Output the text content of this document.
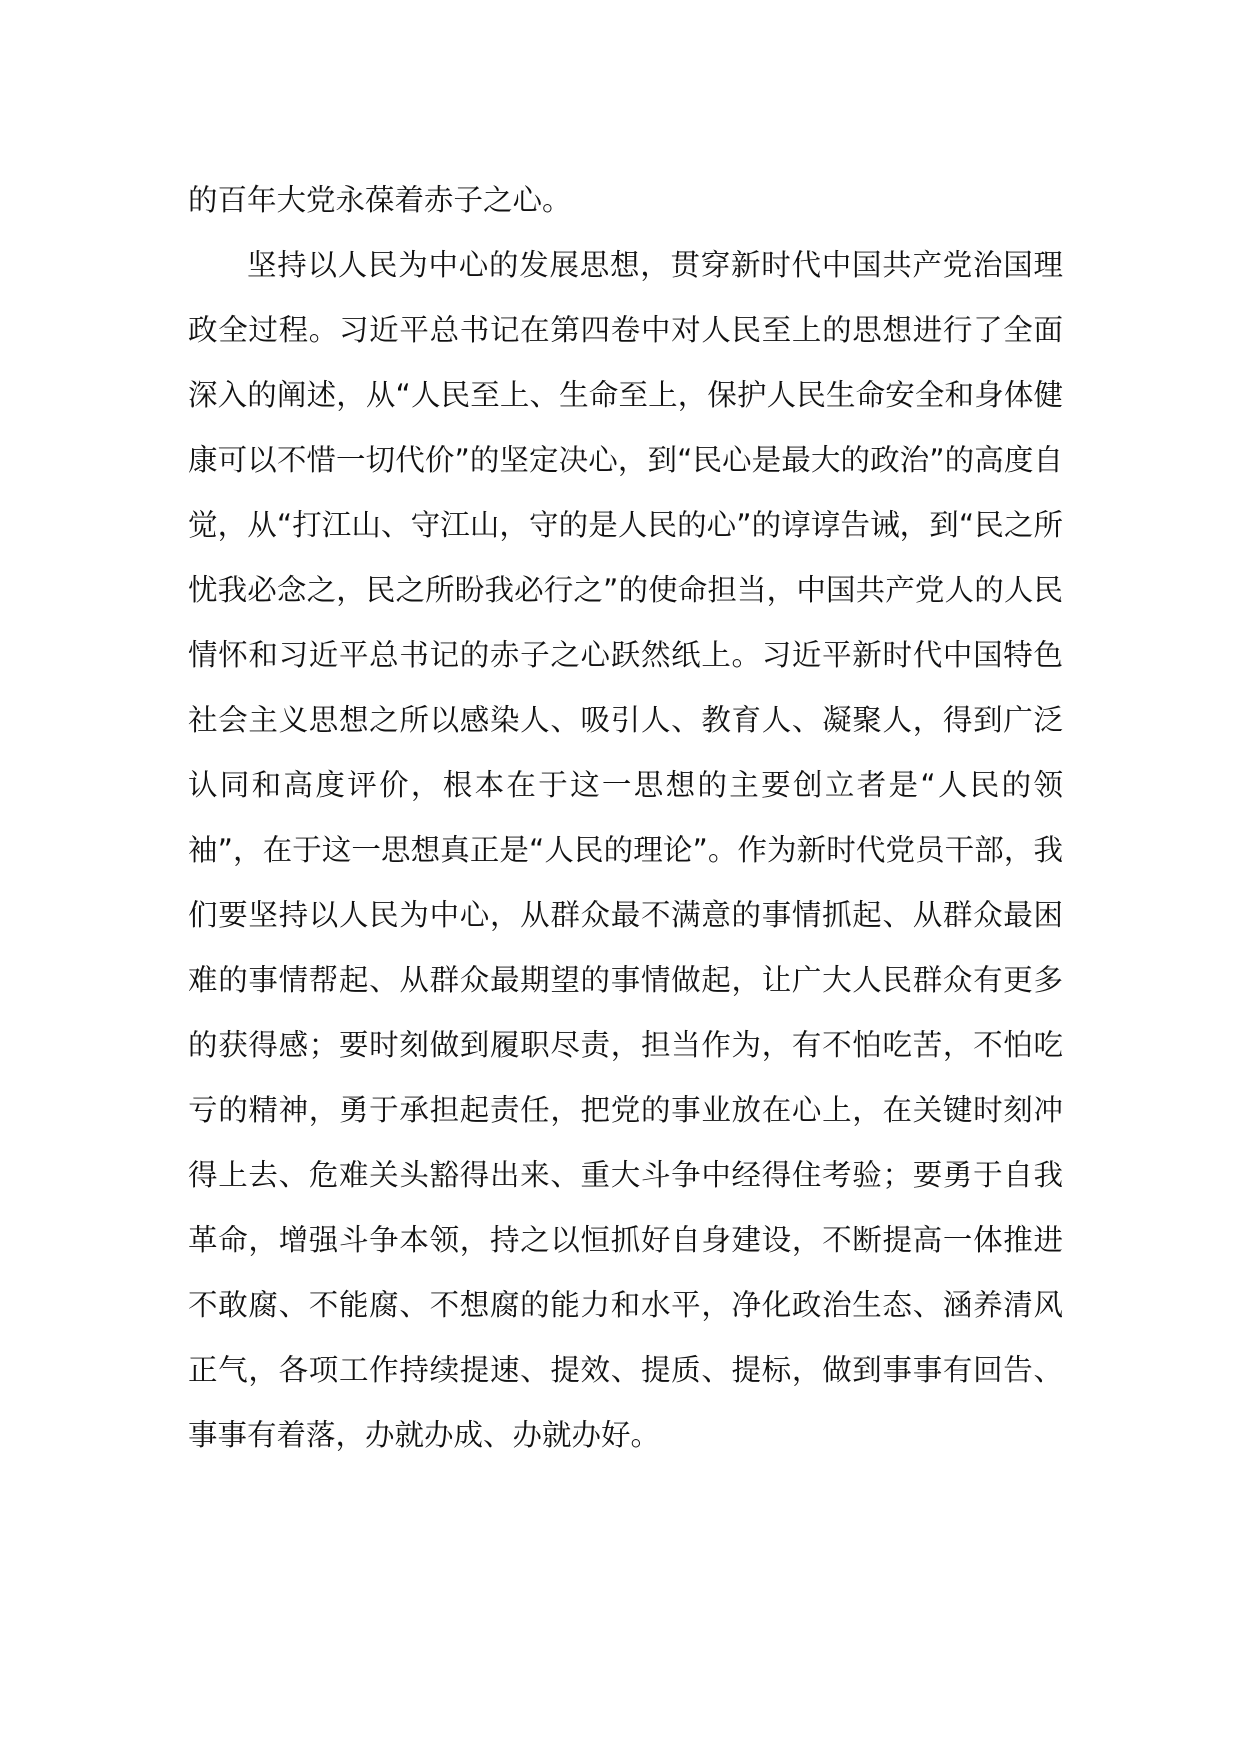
的百年大党永葆着赤子之心。

坚持以人民为中心的发展思想，贯穿新时代中国共产党治国理政全过程。习近平总书记在第四卷中对人民至上的思想进行了全面深入的阐述，从“人民至上、生命至上，保护人民生命安全和身体健康可以不惜一切代价”的坚定决心，到“民心是最大的政治”的高度自觉，从“打江山、守江山，守的是人民的心”的谆谆告诫，到“民之所忧我必念之，民之所盼我必行之”的使命担当，中国共产党人的人民情怀和习近平总书记的赤子之心跃然纸上。习近平新时代中国特色社会主义思想之所以感染人、吸引人、教育人、凝聚人，得到广泛认同和高度评价，根本在于这一思想的主要创立者是“人民的领袖”，在于这一思想真正是“人民的理论”。作为新时代党员干部，我们要坚持以人民为中心，从群众最不满意的事情抓起、从群众最困难的事情帮起、从群众最期望的事情做起，让广大人民群众有更多的获得感；要时刻做到履职尽责，担当作为，有不怕吃苦，不怕吃亏的精神，勇于承担起责任，把党的事业放在心上，在关键时刻冲得上去、危难关头豁得出来、重大斗争中经得住考验；要勇于自我革命，增强斗争本领，持之以恒抓好自身建设，不断提高一体推进不敢腐、不能腐、不想腐的能力和水平，净化政治生态、涵养清风正气，各项工作持续提速、提效、提质、提标，做到事事有回告、事事有着落，办就办成、办就办好。
